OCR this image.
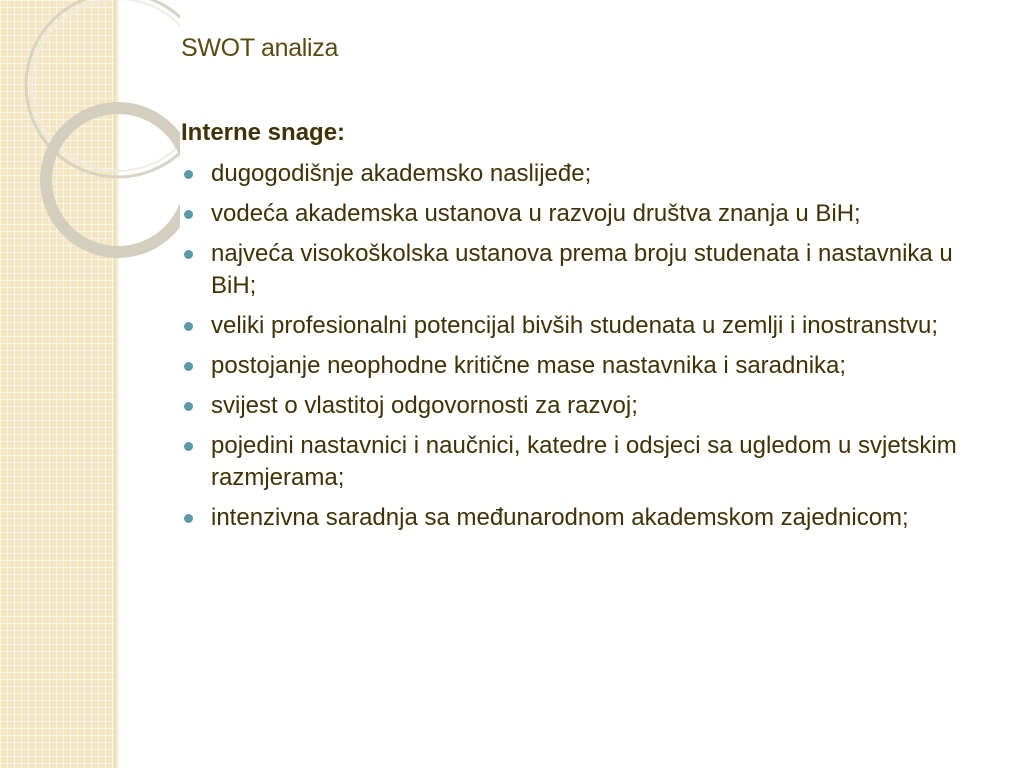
SWOT analiza
Interne snage:
dugogodišnje akademsko naslijeđe;
vodeća akademska ustanova u razvoju društva znanja u BiH;
najveća visokoškolska ustanova prema broju studenata i nastavnika u BiH;
veliki profesionalni potencijal bivših studenata u zemlji i inostranstvu;
postojanje neophodne kritične mase nastavnika i saradnika;
svijest o vlastitoj odgovornosti za razvoj;
pojedini nastavnici i naučnici, katedre i odsjeci sa ugledom u svjetskim razmjerama;
intenzivna saradnja sa međunarodnom akademskom zajednicom;
